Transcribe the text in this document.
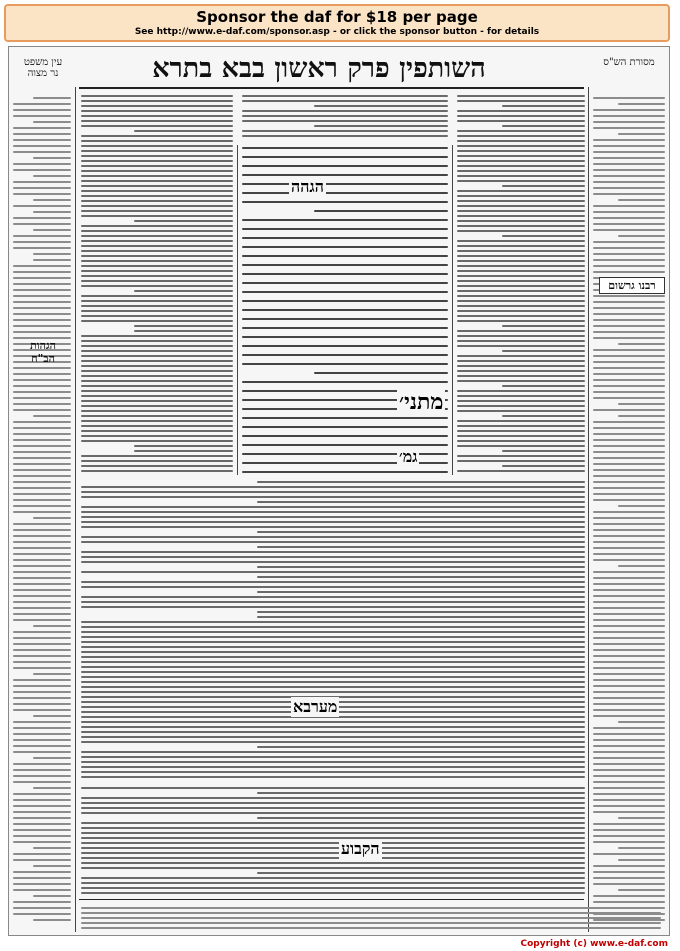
Sponsor the daf for $18 per page
See http://www.e-daf.com/sponsor.asp - or click the sponsor button - for details
השותפין פרק ראשון בבא בתרא	מסורת הש"ס
עין משפט
נר מצוה
רבנו גרשום
הגהות הב"ח
מתני׳
גמ׳
מערבא
הגהה
הקבוע
Copyright (c) www.e-daf.com
